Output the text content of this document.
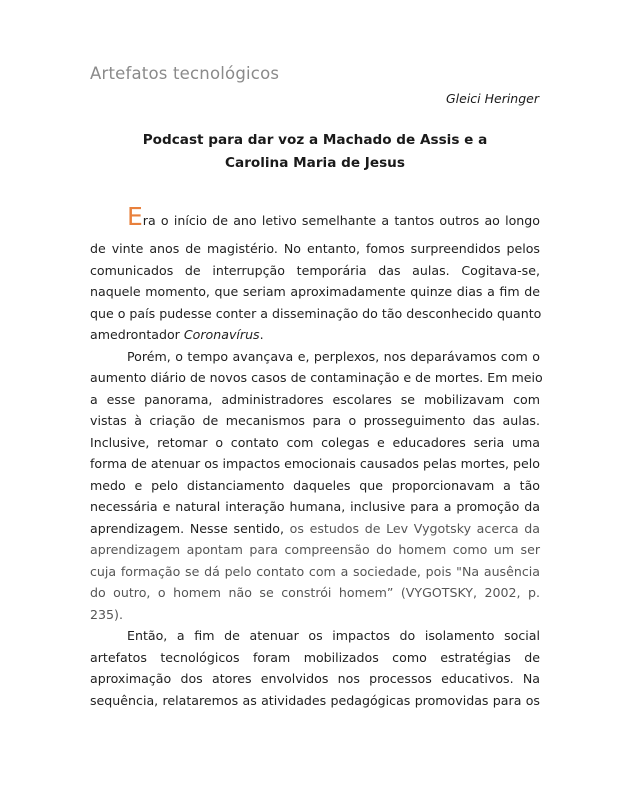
Artefatos tecnológicos
Gleici Heringer
Podcast para dar voz a Machado de Assis e a
Carolina Maria de Jesus
Era o início de ano letivo semelhante a tantos outros ao longo
de vinte anos de magistério. No entanto, fomos surpreendidos pelos
comunicados de interrupção temporária das aulas. Cogitava-se,
naquele momento, que seriam aproximadamente quinze dias a fim de
que o país pudesse conter a disseminação do tão desconhecido quanto
amedrontador Coronavírus.
Porém, o tempo avançava e, perplexos, nos deparávamos com o
aumento diário de novos casos de contaminação e de mortes. Em meio
a esse panorama, administradores escolares se mobilizavam com
vistas à criação de mecanismos para o prosseguimento das aulas.
Inclusive, retomar o contato com colegas e educadores seria uma
forma de atenuar os impactos emocionais causados pelas mortes, pelo
medo e pelo distanciamento daqueles que proporcionavam a tão
necessária e natural interação humana, inclusive para a promoção da
aprendizagem. Nesse sentido, os estudos de Lev Vygotsky acerca da
aprendizagem apontam para compreensão do homem como um ser
cuja formação se dá pelo contato com a sociedade, pois "Na ausência
do outro, o homem não se constrói homem” (VYGOTSKY, 2002, p.
235).
Então, a fim de atenuar os impactos do isolamento social
artefatos tecnológicos foram mobilizados como estratégias de
aproximação dos atores envolvidos nos processos educativos. Na
sequência, relataremos as atividades pedagógicas promovidas para os
